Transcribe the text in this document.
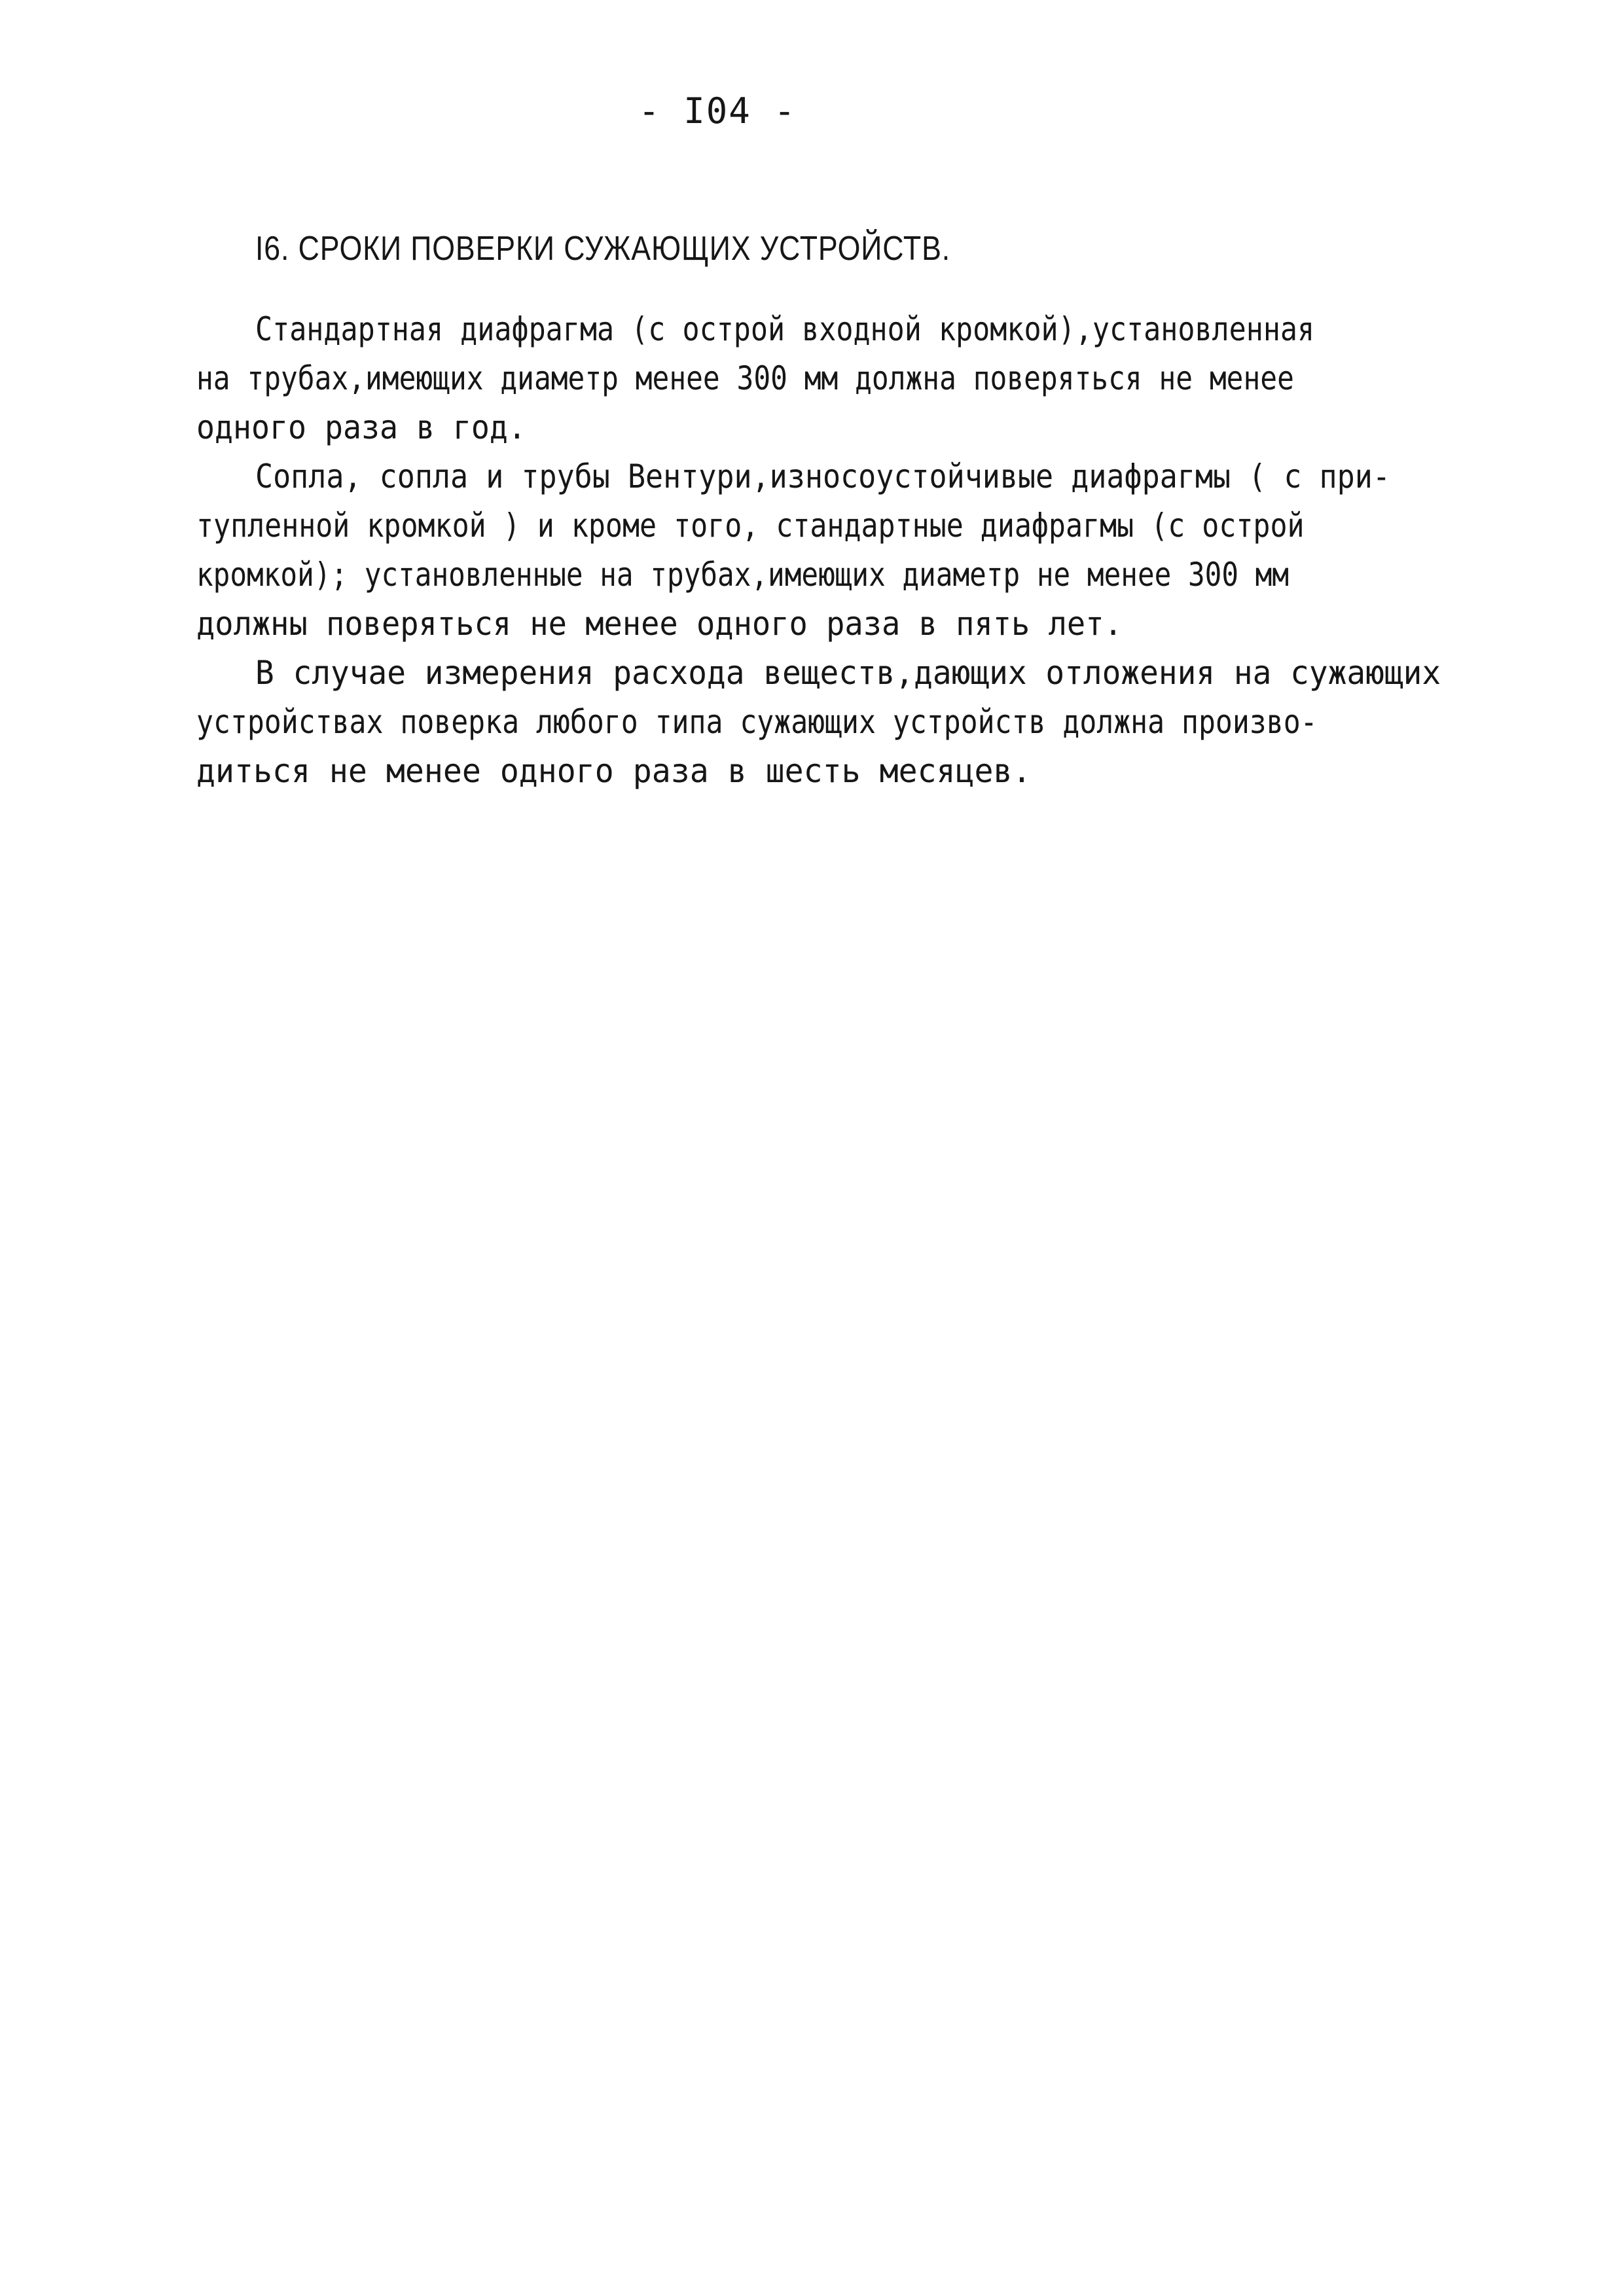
- I04 -
I6. СРОКИ ПОВЕРКИ СУЖАЮЩИХ УСТРОЙСТВ.
Стандартная диафрагма (с острой входной кромкой),установленная
на трубах,имеющих диаметр менее 300 мм должна поверяться не менее
одного раза в год.
Сопла, сопла и трубы Вентури,износоустойчивые диафрагмы ( с при-
тупленной кромкой ) и кроме того, стандартные диафрагмы (с острой
кромкой); установленные на трубах,имеющих диаметр не менее 300 мм
должны поверяться не менее одного раза в пять лет.
В случае измерения расхода веществ,дающих отложения на сужающих
устройствах поверка любого типа сужающих устройств должна произво-
диться не менее одного раза в шесть месяцев.
